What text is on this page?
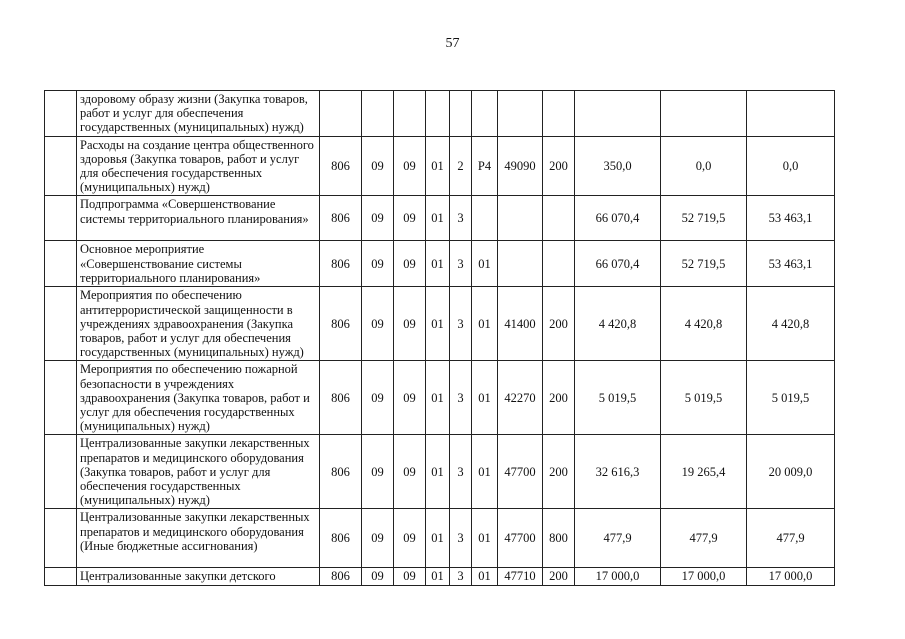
57
	здоровому образу жизни (Закупка товаров, работ и услуг для обеспечения государственных (муниципальных) нужд)											
	Расходы на создание центра общественного здоровья (Закупка товаров, работ и услуг для обеспечения государственных (муниципальных) нужд)	806	09	09	01	2	P4	49090	200	350,0	0,0	0,0
	Подпрограмма «Совершенствование системы территориального планирования»	806	09	09	01	3				66 070,4	52 719,5	53 463,1
	Основное мероприятие «Совершенствование системы территориального планирования»	806	09	09	01	3	01			66 070,4	52 719,5	53 463,1
	Мероприятия по обеспечению антитеррористической защищенности в учреждениях здравоохранения (Закупка товаров, работ и услуг для обеспечения государственных (муниципальных) нужд)	806	09	09	01	3	01	41400	200	4 420,8	4 420,8	4 420,8
	Мероприятия по обеспечению пожарной безопасности в учреждениях здравоохранения (Закупка товаров, работ и услуг для обеспечения государственных (муниципальных) нужд)	806	09	09	01	3	01	42270	200	5 019,5	5 019,5	5 019,5
	Централизованные закупки лекарственных препаратов и медицинского оборудования (Закупка товаров, работ и услуг для обеспечения государственных (муниципальных) нужд)	806	09	09	01	3	01	47700	200	32 616,3	19 265,4	20 009,0
	Централизованные закупки лекарственных препаратов и медицинского оборудования (Иные бюджетные ассигнования)	806	09	09	01	3	01	47700	800	477,9	477,9	477,9
	Централизованные закупки детского	806	09	09	01	3	01	47710	200	17 000,0	17 000,0	17 000,0
